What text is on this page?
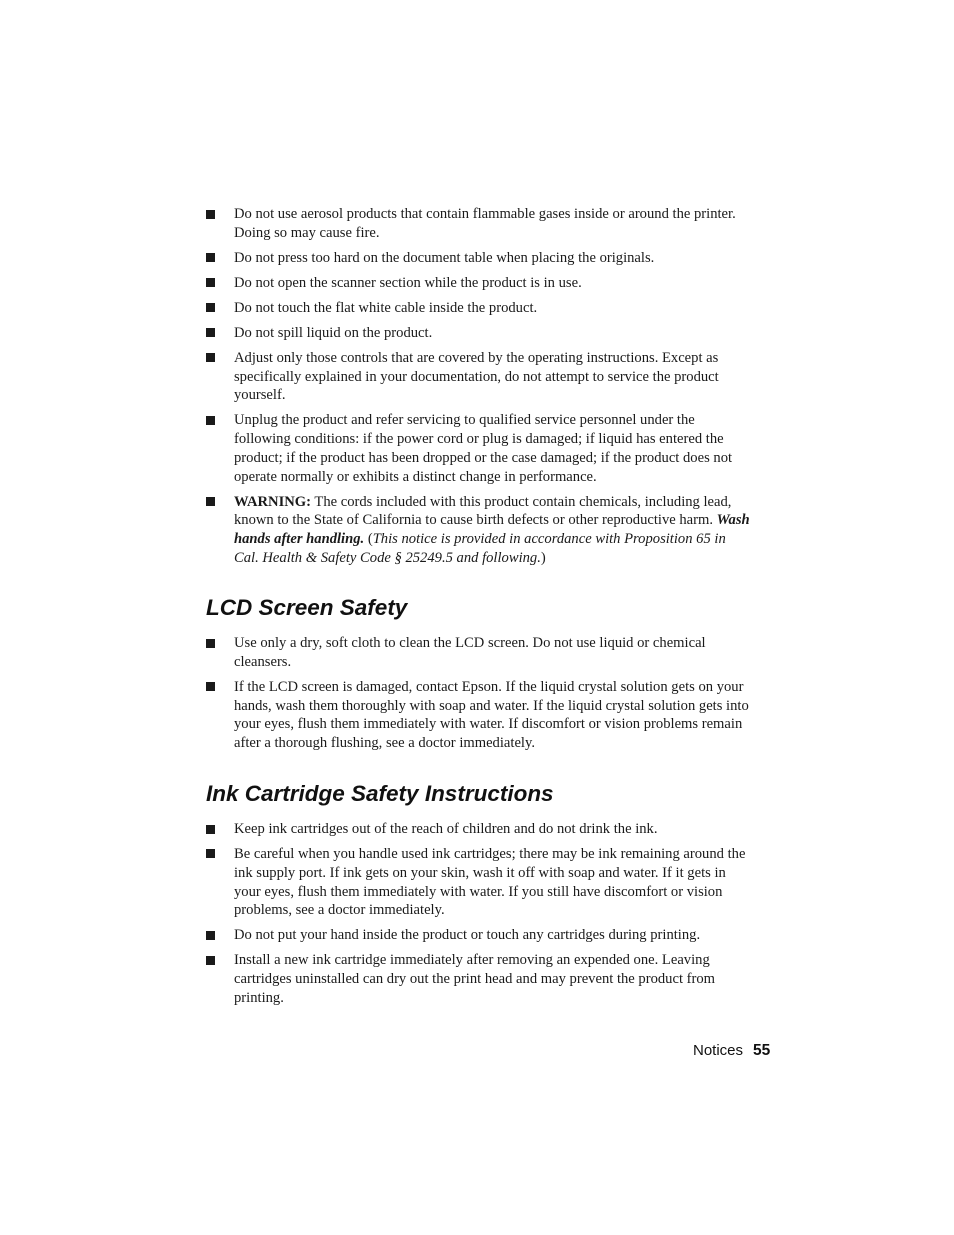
Do not use aerosol products that contain flammable gases inside or around the printer. Doing so may cause fire.
Do not press too hard on the document table when placing the originals.
Do not open the scanner section while the product is in use.
Do not touch the flat white cable inside the product.
Do not spill liquid on the product.
Adjust only those controls that are covered by the operating instructions. Except as specifically explained in your documentation, do not attempt to service the product yourself.
Unplug the product and refer servicing to qualified service personnel under the following conditions: if the power cord or plug is damaged; if liquid has entered the product; if the product has been dropped or the case damaged; if the product does not operate normally or exhibits a distinct change in performance.
WARNING: The cords included with this product contain chemicals, including lead, known to the State of California to cause birth defects or other reproductive harm. Wash hands after handling. (This notice is provided in accordance with Proposition 65 in Cal. Health & Safety Code § 25249.5 and following.)
LCD Screen Safety
Use only a dry, soft cloth to clean the LCD screen. Do not use liquid or chemical cleansers.
If the LCD screen is damaged, contact Epson. If the liquid crystal solution gets on your hands, wash them thoroughly with soap and water. If the liquid crystal solution gets into your eyes, flush them immediately with water. If discomfort or vision problems remain after a thorough flushing, see a doctor immediately.
Ink Cartridge Safety Instructions
Keep ink cartridges out of the reach of children and do not drink the ink.
Be careful when you handle used ink cartridges; there may be ink remaining around the ink supply port. If ink gets on your skin, wash it off with soap and water. If it gets in your eyes, flush them immediately with water. If you still have discomfort or vision problems, see a doctor immediately.
Do not put your hand inside the product or touch any cartridges during printing.
Install a new ink cartridge immediately after removing an expended one. Leaving cartridges uninstalled can dry out the print head and may prevent the product from printing.
Notices 55
